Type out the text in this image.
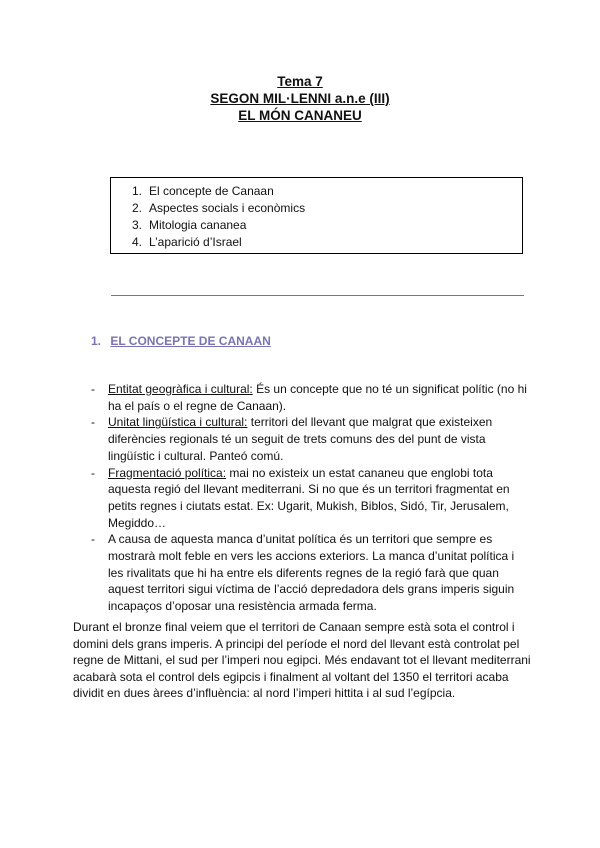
Tema 7
SEGON MIL·LENNI a.n.e (III)
EL MÓN CANANEU
1. El concepte de Canaan
2. Aspectes socials i econòmics
3. Mitologia cananea
4. L’aparició d’Israel
1. EL CONCEPTE DE CANAAN
- Entitat geogràfica i cultural: És un concepte que no té un significat polític (no hi ha el país o el regne de Canaan).
- Unitat lingüística i cultural: territori del llevant que malgrat que existeixen diferències regionals té un seguit de trets comuns des del punt de vista lingüístic i cultural. Panteó comú.
- Fragmentació política: mai no existeix un estat cananeu que englobi tota aquesta regió del llevant mediterrani. Si no que és un territori fragmentat en petits regnes i ciutats estat. Ex: Ugarit, Mukish, Biblos, Sidó, Tir, Jerusalem, Megiddo…
- A causa de aquesta manca d’unitat política és un territori que sempre es mostrarà molt feble en vers les accions exteriors. La manca d’unitat política i les rivalitats que hi ha entre els diferents regnes de la regió farà que quan aquest territori sigui víctima de l’acció depredadora dels grans imperis siguin incapaços d’oposar una resistència armada ferma.

Durant el bronze final veiem que el territori de Canaan sempre està sota el control i domini dels grans imperis. A principi del període el nord del llevant està controlat pel regne de Mittani, el sud per l’imperi nou egipci. Més endavant tot el llevant mediterrani acabarà sota el control dels egipcis i finalment al voltant del 1350 el territori acaba dividit en dues àrees d’influència: al nord l’imperi hittita i al sud l’egípcia.
